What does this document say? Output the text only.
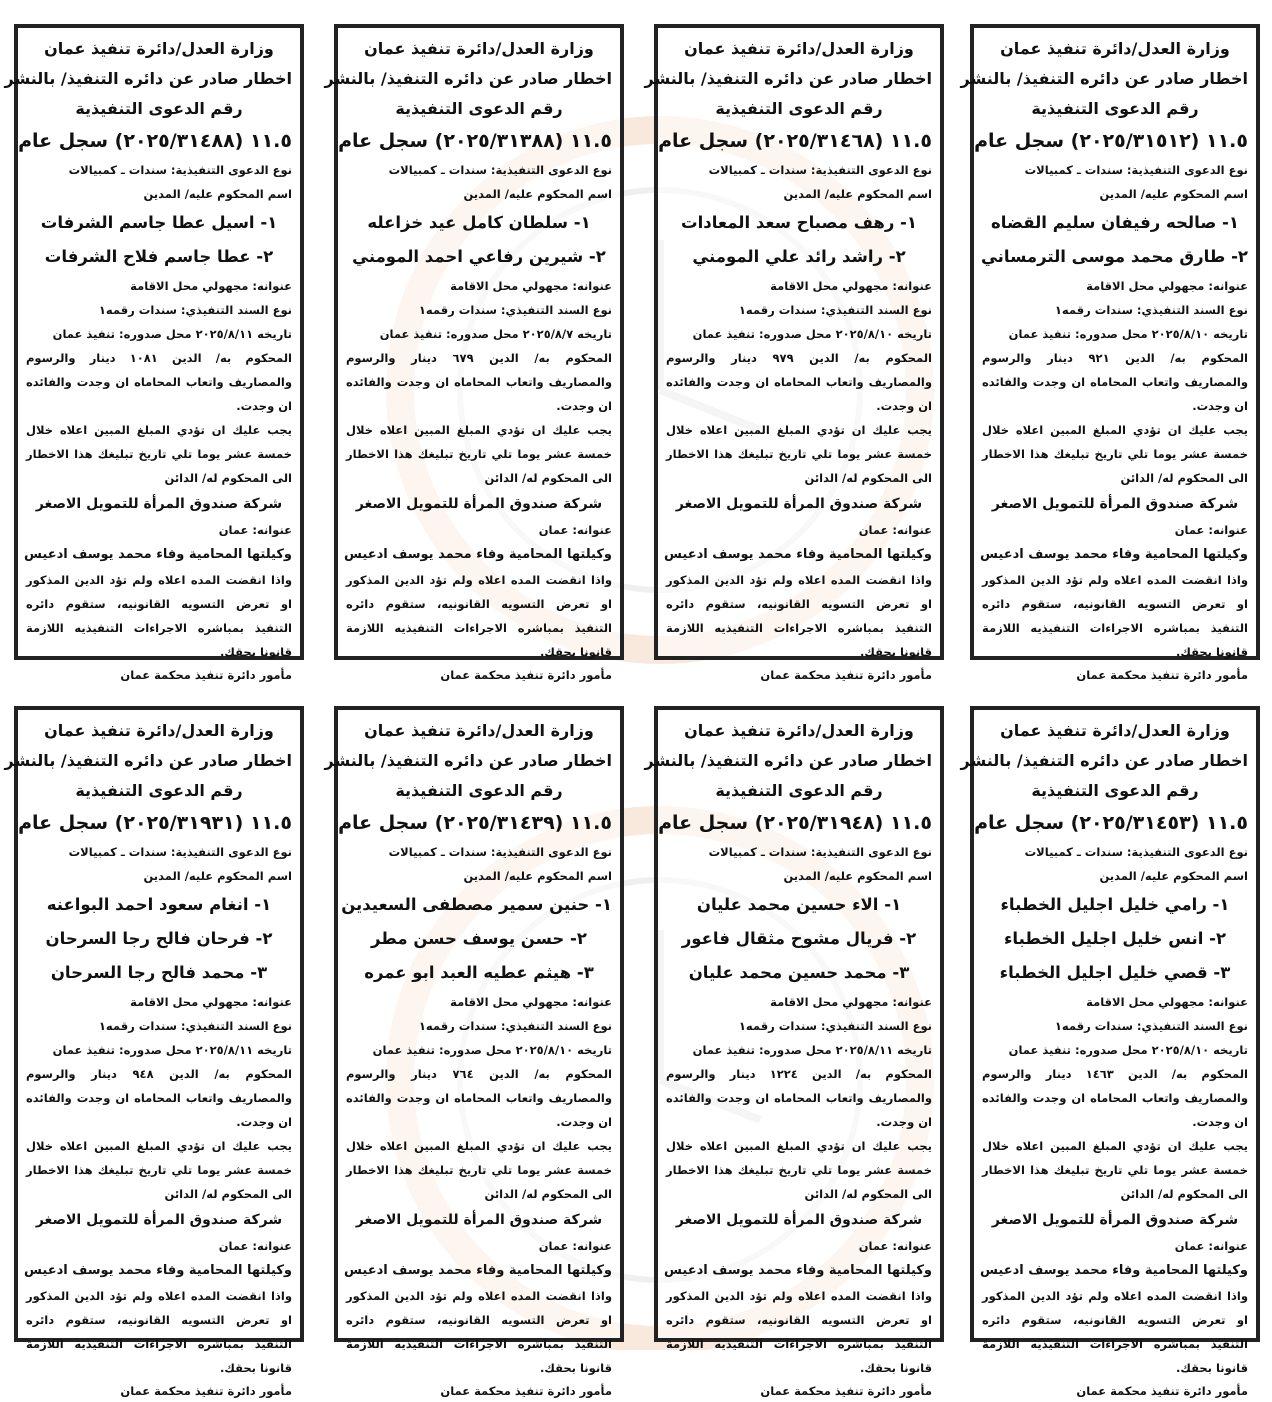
وزارة العدل/دائرة تنفيذ عمان
اخطار صادر عن دائره التنفيذ/ بالنشر
رقم الدعوى التنفيذية
١١.٥ (٢٠٢٥/٣١٥١٢) سجل عام
نوع الدعوى التنفيذية: سندات ـ كمبيالات
اسم المحكوم عليه/ المدين
١- صالحه رفيفان سليم القضاه
٢- طارق محمد موسى الترمساني
عنوانه: مجهولي محل الاقامة
نوع السند التنفيذي: سندات رقمه١
تاريخه ٢٠٢٥/٨/١٠ محل صدوره: تنفيذ عمان
المحكوم به/ الدين ٩٢١ دينار والرسوم والمصاريف واتعاب المحاماه ان وجدت والفائده ان وجدت.
يجب عليك ان تؤدي المبلغ المبين اعلاه خلال خمسة عشر يوما تلي تاريخ تبليغك هذا الاخطار الى المحكوم له/ الدائن
شركة صندوق المرأة للتمويل الاصغر
عنوانه: عمان
وكيلتها المحامية وفاء محمد يوسف ادعيس
واذا انقضت المده اعلاه ولم تؤد الدين المذكور او تعرض التسويه القانونيه، ستقوم دائره التنفيذ بمباشره الاجراءات التنفيذيه اللازمة قانونا بحقك.
مأمور دائرة تنفيذ محكمة عمان
وزارة العدل/دائرة تنفيذ عمان
اخطار صادر عن دائره التنفيذ/ بالنشر
رقم الدعوى التنفيذية
١١.٥ (٢٠٢٥/٣١٤٦٨) سجل عام
نوع الدعوى التنفيذية: سندات ـ كمبيالات
اسم المحكوم عليه/ المدين
١- رهف مصباح سعد المعادات
٢- راشد رائد علي المومني
عنوانه: مجهولي محل الاقامة
نوع السند التنفيذي: سندات رقمه١
تاريخه ٢٠٢٥/٨/١٠ محل صدوره: تنفيذ عمان
المحكوم به/ الدين ٩٧٩ دينار والرسوم والمصاريف واتعاب المحاماه ان وجدت والفائده ان وجدت.
يجب عليك ان تؤدي المبلغ المبين اعلاه خلال خمسة عشر يوما تلي تاريخ تبليغك هذا الاخطار الى المحكوم له/ الدائن
شركة صندوق المرأة للتمويل الاصغر
عنوانه: عمان
وكيلتها المحامية وفاء محمد يوسف ادعيس
واذا انقضت المده اعلاه ولم تؤد الدين المذكور او تعرض التسويه القانونيه، ستقوم دائره التنفيذ بمباشره الاجراءات التنفيذيه اللازمة قانونا بحقك.
مأمور دائرة تنفيذ محكمة عمان
وزارة العدل/دائرة تنفيذ عمان
اخطار صادر عن دائره التنفيذ/ بالنشر
رقم الدعوى التنفيذية
١١.٥ (٢٠٢٥/٣١٣٨٨) سجل عام
نوع الدعوى التنفيذية: سندات ـ كمبيالات
اسم المحكوم عليه/ المدين
١- سلطان كامل عيد خزاعله
٢- شيرين رفاعي احمد المومني
عنوانه: مجهولي محل الاقامة
نوع السند التنفيذي: سندات رقمه١
تاريخه ٢٠٢٥/٨/٧ محل صدوره: تنفيذ عمان
المحكوم به/ الدين ٦٧٩ دينار والرسوم والمصاريف واتعاب المحاماه ان وجدت والفائده ان وجدت.
يجب عليك ان تؤدي المبلغ المبين اعلاه خلال خمسة عشر يوما تلي تاريخ تبليغك هذا الاخطار الى المحكوم له/ الدائن
شركة صندوق المرأة للتمويل الاصغر
عنوانه: عمان
وكيلتها المحامية وفاء محمد يوسف ادعيس
واذا انقضت المده اعلاه ولم تؤد الدين المذكور او تعرض التسويه القانونيه، ستقوم دائره التنفيذ بمباشره الاجراءات التنفيذيه اللازمة قانونا بحقك.
مأمور دائرة تنفيذ محكمة عمان
وزارة العدل/دائرة تنفيذ عمان
اخطار صادر عن دائره التنفيذ/ بالنشر
رقم الدعوى التنفيذية
١١.٥ (٢٠٢٥/٣١٤٨٨) سجل عام
نوع الدعوى التنفيذية: سندات ـ كمبيالات
اسم المحكوم عليه/ المدين
١- اسيل عطا جاسم الشرفات
٢- عطا جاسم فلاح الشرفات
عنوانه: مجهولي محل الاقامة
نوع السند التنفيذي: سندات رقمه١
تاريخه ٢٠٢٥/٨/١١ محل صدوره: تنفيذ عمان
المحكوم به/ الدين ١٠٨١ دينار والرسوم والمصاريف واتعاب المحاماه ان وجدت والفائده ان وجدت.
يجب عليك ان تؤدي المبلغ المبين اعلاه خلال خمسة عشر يوما تلي تاريخ تبليغك هذا الاخطار الى المحكوم له/ الدائن
شركة صندوق المرأة للتمويل الاصغر
عنوانه: عمان
وكيلتها المحامية وفاء محمد يوسف ادعيس
واذا انقضت المده اعلاه ولم تؤد الدين المذكور او تعرض التسويه القانونيه، ستقوم دائره التنفيذ بمباشره الاجراءات التنفيذيه اللازمة قانونا بحقك.
مأمور دائرة تنفيذ محكمة عمان
وزارة العدل/دائرة تنفيذ عمان
اخطار صادر عن دائره التنفيذ/ بالنشر
رقم الدعوى التنفيذية
١١.٥ (٢٠٢٥/٣١٤٥٣) سجل عام
نوع الدعوى التنفيذية: سندات ـ كمبيالات
اسم المحكوم عليه/ المدين
١- رامي خليل اجليل الخطباء
٢- انس خليل اجليل الخطباء
٣- قصي خليل اجليل الخطباء
عنوانه: مجهولي محل الاقامة
نوع السند التنفيذي: سندات رقمه١
تاريخه ٢٠٢٥/٨/١٠ محل صدوره: تنفيذ عمان
المحكوم به/ الدين ١٤٦٣ دينار والرسوم والمصاريف واتعاب المحاماه ان وجدت والفائده ان وجدت.
يجب عليك ان تؤدي المبلغ المبين اعلاه خلال خمسة عشر يوما تلي تاريخ تبليغك هذا الاخطار الى المحكوم له/ الدائن
شركة صندوق المرأة للتمويل الاصغر
عنوانه: عمان
وكيلتها المحامية وفاء محمد يوسف ادعيس
واذا انقضت المده اعلاه ولم تؤد الدين المذكور او تعرض التسويه القانونيه، ستقوم دائره التنفيذ بمباشره الاجراءات التنفيذيه اللازمة قانونا بحقك.
مأمور دائرة تنفيذ محكمة عمان
وزارة العدل/دائرة تنفيذ عمان
اخطار صادر عن دائره التنفيذ/ بالنشر
رقم الدعوى التنفيذية
١١.٥ (٢٠٢٥/٣١٩٤٨) سجل عام
نوع الدعوى التنفيذية: سندات ـ كمبيالات
اسم المحكوم عليه/ المدين
١- الاء حسين محمد عليان
٢- فريال مشوح مثقال فاعور
٣- محمد حسين محمد عليان
عنوانه: مجهولي محل الاقامة
نوع السند التنفيذي: سندات رقمه١
تاريخه ٢٠٢٥/٨/١١ محل صدوره: تنفيذ عمان
المحكوم به/ الدين ١٢٢٤ دينار والرسوم والمصاريف واتعاب المحاماه ان وجدت والفائده ان وجدت.
يجب عليك ان تؤدي المبلغ المبين اعلاه خلال خمسة عشر يوما تلي تاريخ تبليغك هذا الاخطار الى المحكوم له/ الدائن
شركة صندوق المرأة للتمويل الاصغر
عنوانه: عمان
وكيلتها المحامية وفاء محمد يوسف ادعيس
واذا انقضت المده اعلاه ولم تؤد الدين المذكور او تعرض التسويه القانونيه، ستقوم دائره التنفيذ بمباشره الاجراءات التنفيذيه اللازمة قانونا بحقك.
مأمور دائرة تنفيذ محكمة عمان
وزارة العدل/دائرة تنفيذ عمان
اخطار صادر عن دائره التنفيذ/ بالنشر
رقم الدعوى التنفيذية
١١.٥ (٢٠٢٥/٣١٤٣٩) سجل عام
نوع الدعوى التنفيذية: سندات ـ كمبيالات
اسم المحكوم عليه/ المدين
١- حنين سمير مصطفى السعيدين
٢- حسن يوسف حسن مطر
٣- هيثم عطيه العبد ابو عمره
عنوانه: مجهولي محل الاقامة
نوع السند التنفيذي: سندات رقمه١
تاريخه ٢٠٢٥/٨/١٠ محل صدوره: تنفيذ عمان
المحكوم به/ الدين ٧٦٤ دينار والرسوم والمصاريف واتعاب المحاماه ان وجدت والفائده ان وجدت.
يجب عليك ان تؤدي المبلغ المبين اعلاه خلال خمسة عشر يوما تلي تاريخ تبليغك هذا الاخطار الى المحكوم له/ الدائن
شركة صندوق المرأة للتمويل الاصغر
عنوانه: عمان
وكيلتها المحامية وفاء محمد يوسف ادعيس
واذا انقضت المده اعلاه ولم تؤد الدين المذكور او تعرض التسويه القانونيه، ستقوم دائره التنفيذ بمباشره الاجراءات التنفيذيه اللازمة قانونا بحقك.
مأمور دائرة تنفيذ محكمة عمان
وزارة العدل/دائرة تنفيذ عمان
اخطار صادر عن دائره التنفيذ/ بالنشر
رقم الدعوى التنفيذية
١١.٥ (٢٠٢٥/٣١٩٣١) سجل عام
نوع الدعوى التنفيذية: سندات ـ كمبيالات
اسم المحكوم عليه/ المدين
١- انغام سعود احمد البواعنه
٢- فرحان فالح رجا السرحان
٣- محمد فالح رجا السرحان
عنوانه: مجهولي محل الاقامة
نوع السند التنفيذي: سندات رقمه١
تاريخه ٢٠٢٥/٨/١١ محل صدوره: تنفيذ عمان
المحكوم به/ الدين ٩٤٨ دينار والرسوم والمصاريف واتعاب المحاماه ان وجدت والفائده ان وجدت.
يجب عليك ان تؤدي المبلغ المبين اعلاه خلال خمسة عشر يوما تلي تاريخ تبليغك هذا الاخطار الى المحكوم له/ الدائن
شركة صندوق المرأة للتمويل الاصغر
عنوانه: عمان
وكيلتها المحامية وفاء محمد يوسف ادعيس
واذا انقضت المده اعلاه ولم تؤد الدين المذكور او تعرض التسويه القانونيه، ستقوم دائره التنفيذ بمباشره الاجراءات التنفيذيه اللازمة قانونا بحقك.
مأمور دائرة تنفيذ محكمة عمان
